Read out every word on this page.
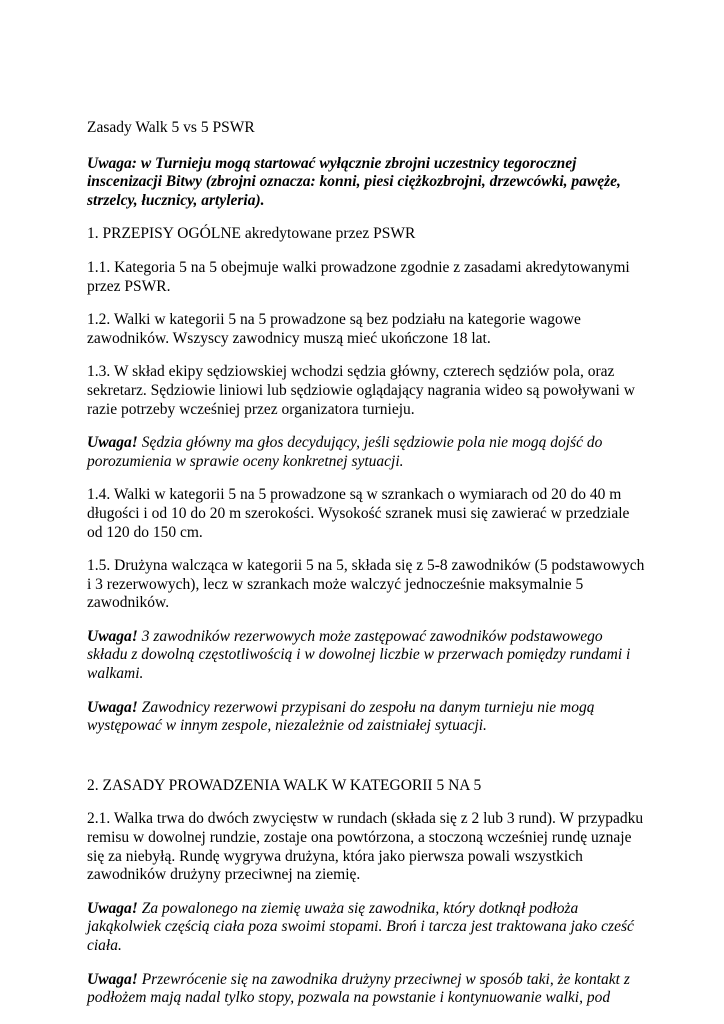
Zasady Walk 5 vs 5 PSWR

Uwaga: w Turnieju mogą startować wyłącznie zbrojni uczestnicy tegorocznej inscenizacji Bitwy (zbrojni oznacza: konni, piesi ciężkozbrojni, drzewcówki, pawęże, strzelcy, łucznicy, artyleria).

1. PRZEPISY OGÓLNE akredytowane przez PSWR

1.1. Kategoria 5 na 5 obejmuje walki prowadzone zgodnie z zasadami akredytowanymi przez PSWR.

1.2. Walki w kategorii 5 na 5 prowadzone są bez podziału na kategorie wagowe zawodników. Wszyscy zawodnicy muszą mieć ukończone 18 lat.

1.3. W skład ekipy sędziowskiej wchodzi sędzia główny, czterech sędziów pola, oraz sekretarz. Sędziowie liniowi lub sędziowie oglądający nagrania wideo są powoływani w razie potrzeby wcześniej przez organizatora turnieju.

Uwaga! Sędzia główny ma głos decydujący, jeśli sędziowie pola nie mogą dojść do porozumienia w sprawie oceny konkretnej sytuacji.

1.4. Walki w kategorii 5 na 5 prowadzone są w szrankach o wymiarach od 20 do 40 m długości i od 10 do 20 m szerokości. Wysokość szranek musi się zawierać w przedziale od 120 do 150 cm.

1.5. Drużyna walcząca w kategorii 5 na 5, składa się z 5-8 zawodników (5 podstawowych i 3 rezerwowych), lecz w szrankach może walczyć jednocześnie maksymalnie 5 zawodników.

Uwaga! 3 zawodników rezerwowych może zastępować zawodników podstawowego składu z dowolną częstotliwością i w dowolnej liczbie w przerwach pomiędzy rundami i walkami.

Uwaga! Zawodnicy rezerwowi przypisani do zespołu na danym turnieju nie mogą występować w innym zespole, niezależnie od zaistniałej sytuacji.

2. ZASADY PROWADZENIA WALK W KATEGORII 5 NA 5

2.1. Walka trwa do dwóch zwycięstw w rundach (składa się z 2 lub 3 rund). W przypadku remisu w dowolnej rundzie, zostaje ona powtórzona, a stoczoną wcześniej rundę uznaje się za niebyłą. Rundę wygrywa drużyna, która jako pierwsza powali wszystkich zawodników drużyny przeciwnej na ziemię.

Uwaga! Za powalonego na ziemię uważa się zawodnika, który dotknął podłoża jakąkolwiek częścią ciała poza swoimi stopami. Broń i tarcza jest traktowana jako cześć ciała.

Uwaga! Przewrócenie się na zawodnika drużyny przeciwnej w sposób taki, że kontakt z podłożem mają nadal tylko stopy, pozwala na powstanie i kontynuowanie walki, pod
